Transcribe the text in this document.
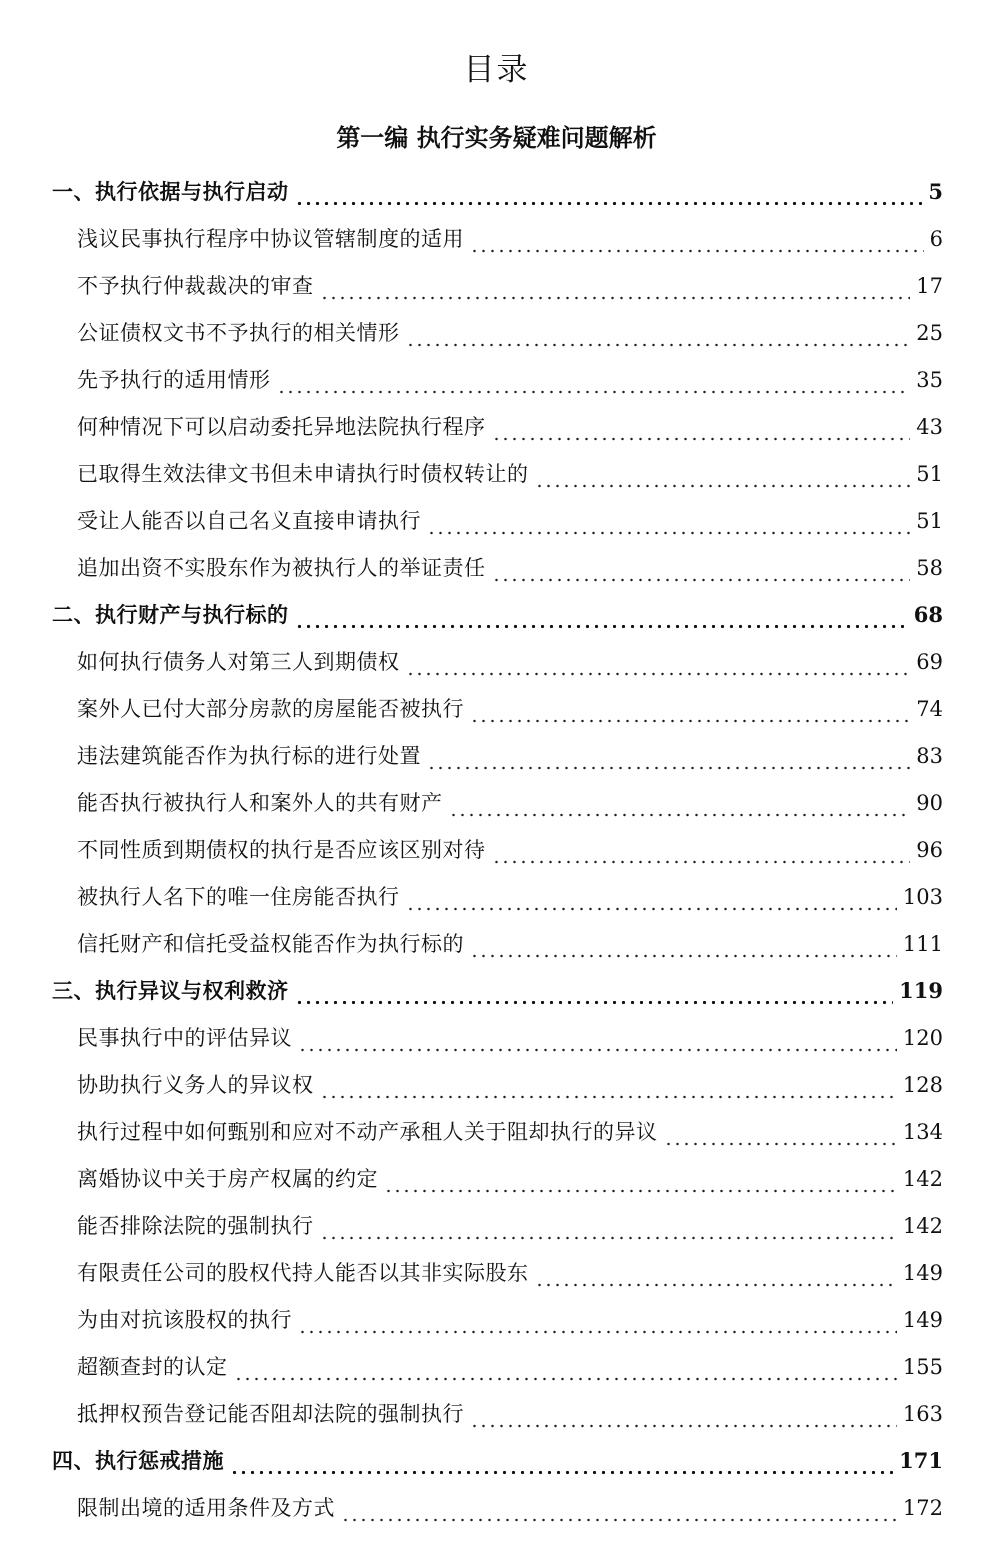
目录
第一编 执行实务疑难问题解析
一、执行依据与执行启动	5
浅议民事执行程序中协议管辖制度的适用	6
不予执行仲裁裁决的审查	17
公证债权文书不予执行的相关情形	25
先予执行的适用情形	35
何种情况下可以启动委托异地法院执行程序	43
已取得生效法律文书但未申请执行时债权转让的	51
受让人能否以自己名义直接申请执行	51
追加出资不实股东作为被执行人的举证责任	58
二、执行财产与执行标的	68
如何执行债务人对第三人到期债权	69
案外人已付大部分房款的房屋能否被执行	74
违法建筑能否作为执行标的进行处置	83
能否执行被执行人和案外人的共有财产	90
不同性质到期债权的执行是否应该区别对待	96
被执行人名下的唯一住房能否执行	103
信托财产和信托受益权能否作为执行标的	111
三、执行异议与权利救济	119
民事执行中的评估异议	120
协助执行义务人的异议权	128
执行过程中如何甄别和应对不动产承租人关于阻却执行的异议	134
离婚协议中关于房产权属的约定	142
能否排除法院的强制执行	142
有限责任公司的股权代持人能否以其非实际股东	149
为由对抗该股权的执行	149
超额查封的认定	155
抵押权预告登记能否阻却法院的强制执行	163
四、执行惩戒措施	171
限制出境的适用条件及方式	172
